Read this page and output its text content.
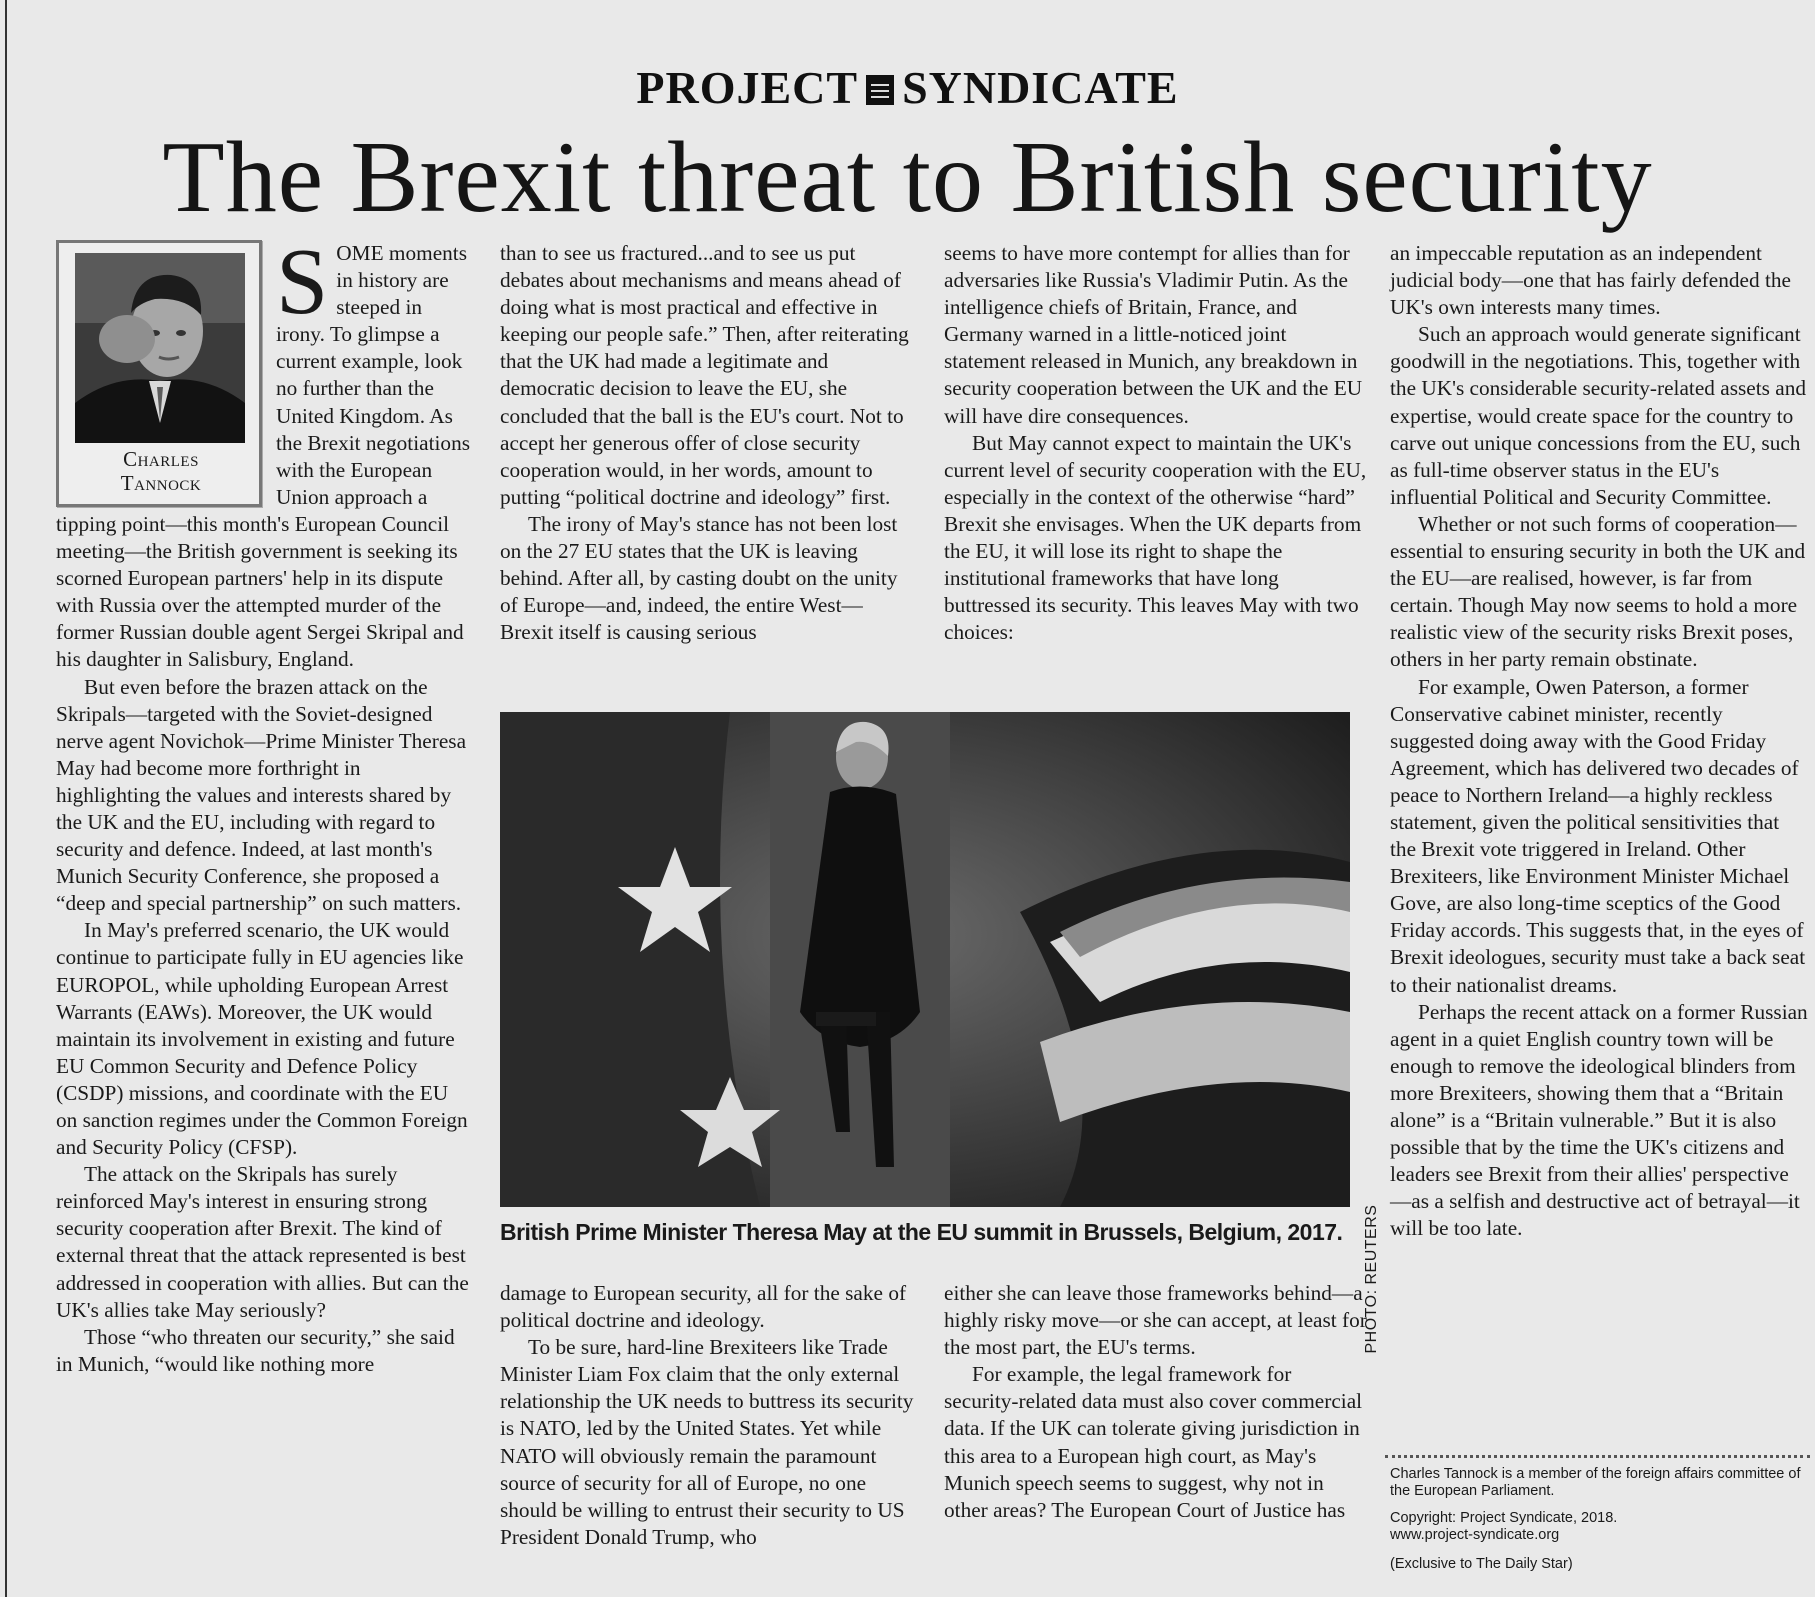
PROJECT SYNDICATE
The Brexit threat to British security
Charles
Tannock

SOME moments in history are steeped in irony. To glimpse a current example, look no further than the United Kingdom. As the Brexit negotiations with the European Union approach a tipping point—this month's European Council meeting—the British government is seeking its scorned European partners' help in its dispute with Russia over the attempted murder of the former Russian double agent Sergei Skripal and his daughter in Salisbury, England.

But even before the brazen attack on the Skripals—targeted with the Soviet-designed nerve agent Novichok—Prime Minister Theresa May had become more forthright in highlighting the values and interests shared by the UK and the EU, including with regard to security and defence. Indeed, at last month's Munich Security Conference, she proposed a “deep and special partnership” on such matters.

In May's preferred scenario, the UK would continue to participate fully in EU agencies like EUROPOL, while upholding European Arrest Warrants (EAWs). Moreover, the UK would maintain its involvement in existing and future EU Common Security and Defence Policy (CSDP) missions, and coordinate with the EU on sanction regimes under the Common Foreign and Security Policy (CFSP).

The attack on the Skripals has surely reinforced May's interest in ensuring strong security cooperation after Brexit. The kind of external threat that the attack represented is best addressed in cooperation with allies. But can the UK's allies take May seriously?

Those “who threaten our security,” she said in Munich, “would like nothing more

than to see us fractured...and to see us put debates about mechanisms and means ahead of doing what is most practical and effective in keeping our people safe.” Then, after reiterating that the UK had made a legitimate and democratic decision to leave the EU, she concluded that the ball is the EU's court. Not to accept her generous offer of close security cooperation would, in her words, amount to putting “political doctrine and ideology” first.

The irony of May's stance has not been lost on the 27 EU states that the UK is leaving behind. After all, by casting doubt on the unity of Europe—and, indeed, the entire West—Brexit itself is causing serious

seems to have more contempt for allies than for adversaries like Russia's Vladimir Putin. As the intelligence chiefs of Britain, France, and Germany warned in a little-noticed joint statement released in Munich, any breakdown in security cooperation between the UK and the EU will have dire consequences.

But May cannot expect to maintain the UK's current level of security cooperation with the EU, especially in the context of the otherwise “hard” Brexit she envisages. When the UK departs from the EU, it will lose its right to shape the institutional frameworks that have long buttressed its security. This leaves May with two choices:

PHOTO: REUTERS
British Prime Minister Theresa May at the EU summit in Brussels, Belgium, 2017.

damage to European security, all for the sake of political doctrine and ideology.

To be sure, hard-line Brexiteers like Trade Minister Liam Fox claim that the only external relationship the UK needs to buttress its security is NATO, led by the United States. Yet while NATO will obviously remain the paramount source of security for all of Europe, no one should be willing to entrust their security to US President Donald Trump, who

either she can leave those frameworks behind—a highly risky move—or she can accept, at least for the most part, the EU's terms.

For example, the legal framework for security-related data must also cover commercial data. If the UK can tolerate giving jurisdiction in this area to a European high court, as May's Munich speech seems to suggest, why not in other areas? The European Court of Justice has

an impeccable reputation as an independent judicial body—one that has fairly defended the UK's own interests many times.

Such an approach would generate significant goodwill in the negotiations. This, together with the UK's considerable security-related assets and expertise, would create space for the country to carve out unique concessions from the EU, such as full-time observer status in the EU's influential Political and Security Committee.

Whether or not such forms of cooperation—essential to ensuring security in both the UK and the EU—are realised, however, is far from certain. Though May now seems to hold a more realistic view of the security risks Brexit poses, others in her party remain obstinate.

For example, Owen Paterson, a former Conservative cabinet minister, recently suggested doing away with the Good Friday Agreement, which has delivered two decades of peace to Northern Ireland—a highly reckless statement, given the political sensitivities that the Brexit vote triggered in Ireland. Other Brexiteers, like Environment Minister Michael Gove, are also long-time sceptics of the Good Friday accords. This suggests that, in the eyes of Brexit ideologues, security must take a back seat to their nationalist dreams.

Perhaps the recent attack on a former Russian agent in a quiet English country town will be enough to remove the ideological blinders from more Brexiteers, showing them that a “Britain alone” is a “Britain vulnerable.” But it is also possible that by the time the UK's citizens and leaders see Brexit from their allies' perspective—as a selfish and destructive act of betrayal—it will be too late.

Charles Tannock is a member of the foreign affairs committee of the European Parliament.
Copyright: Project Syndicate, 2018.
www.project-syndicate.org
(Exclusive to The Daily Star)
